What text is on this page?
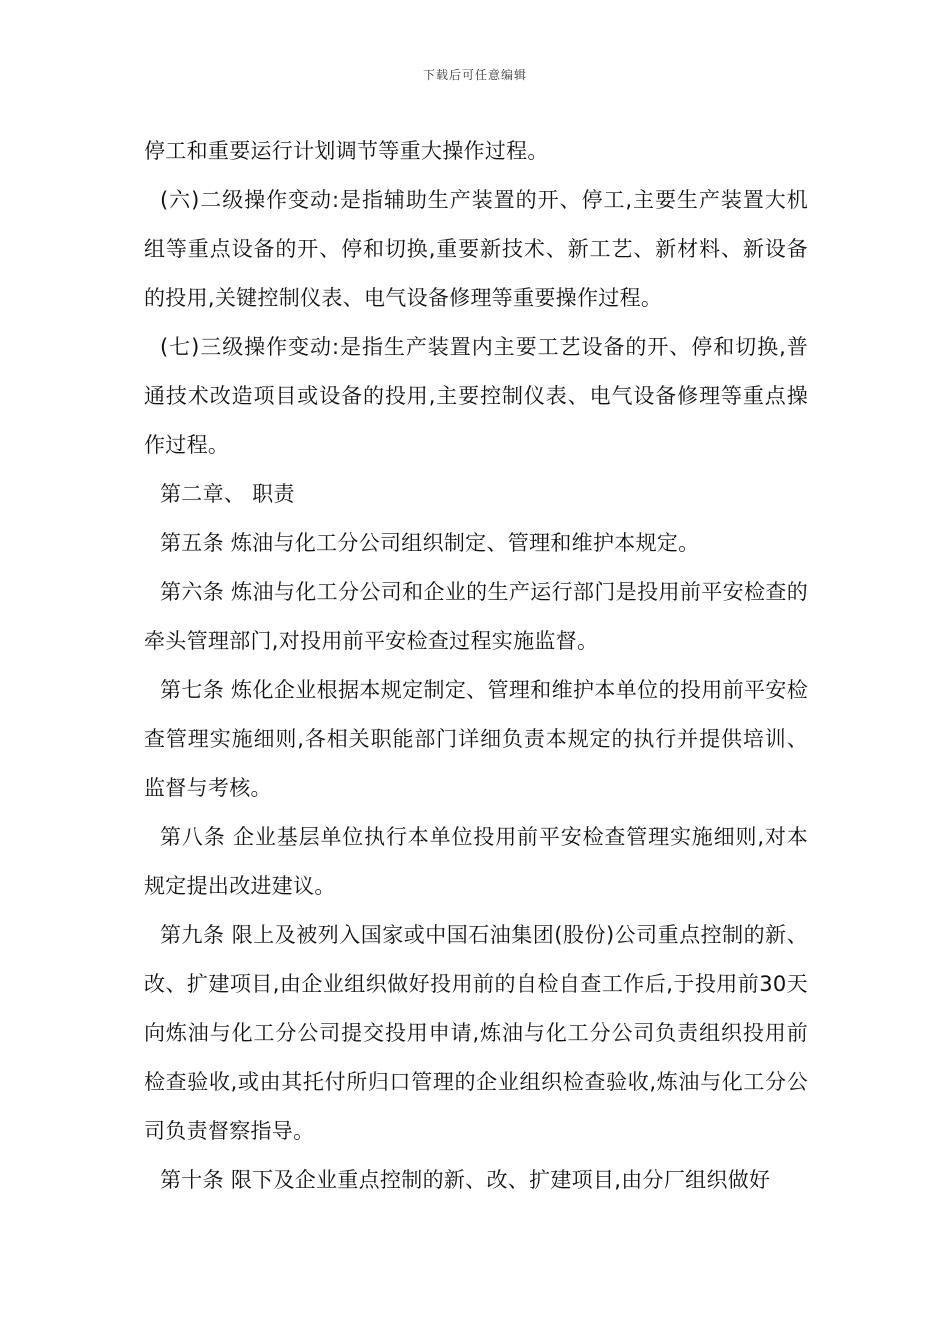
下载后可任意编辑

停工和重要运行计划调节等重大操作过程。

(六)二级操作变动:是指辅助生产装置的开、停工,主要生产装置大机组等重点设备的开、停和切换,重要新技术、新工艺、新材料、新设备的投用,关键控制仪表、电气设备修理等重要操作过程。

(七)三级操作变动:是指生产装置内主要工艺设备的开、停和切换,普通技术改造项目或设备的投用,主要控制仪表、电气设备修理等重点操作过程。

第二章、 职责

第五条 炼油与化工分公司组织制定、管理和维护本规定。

第六条 炼油与化工分公司和企业的生产运行部门是投用前平安检查的牵头管理部门,对投用前平安检查过程实施监督。

第七条 炼化企业根据本规定制定、管理和维护本单位的投用前平安检查管理实施细则,各相关职能部门详细负责本规定的执行并提供培训、监督与考核。

第八条 企业基层单位执行本单位投用前平安检查管理实施细则,对本规定提出改进建议。

第九条 限上及被列入国家或中国石油集团(股份)公司重点控制的新、改、扩建项目,由企业组织做好投用前的自检自查工作后,于投用前30天向炼油与化工分公司提交投用申请,炼油与化工分公司负责组织投用前检查验收,或由其托付所归口管理的企业组织检查验收,炼油与化工分公司负责督察指导。

第十条 限下及企业重点控制的新、改、扩建项目,由分厂组织做好
